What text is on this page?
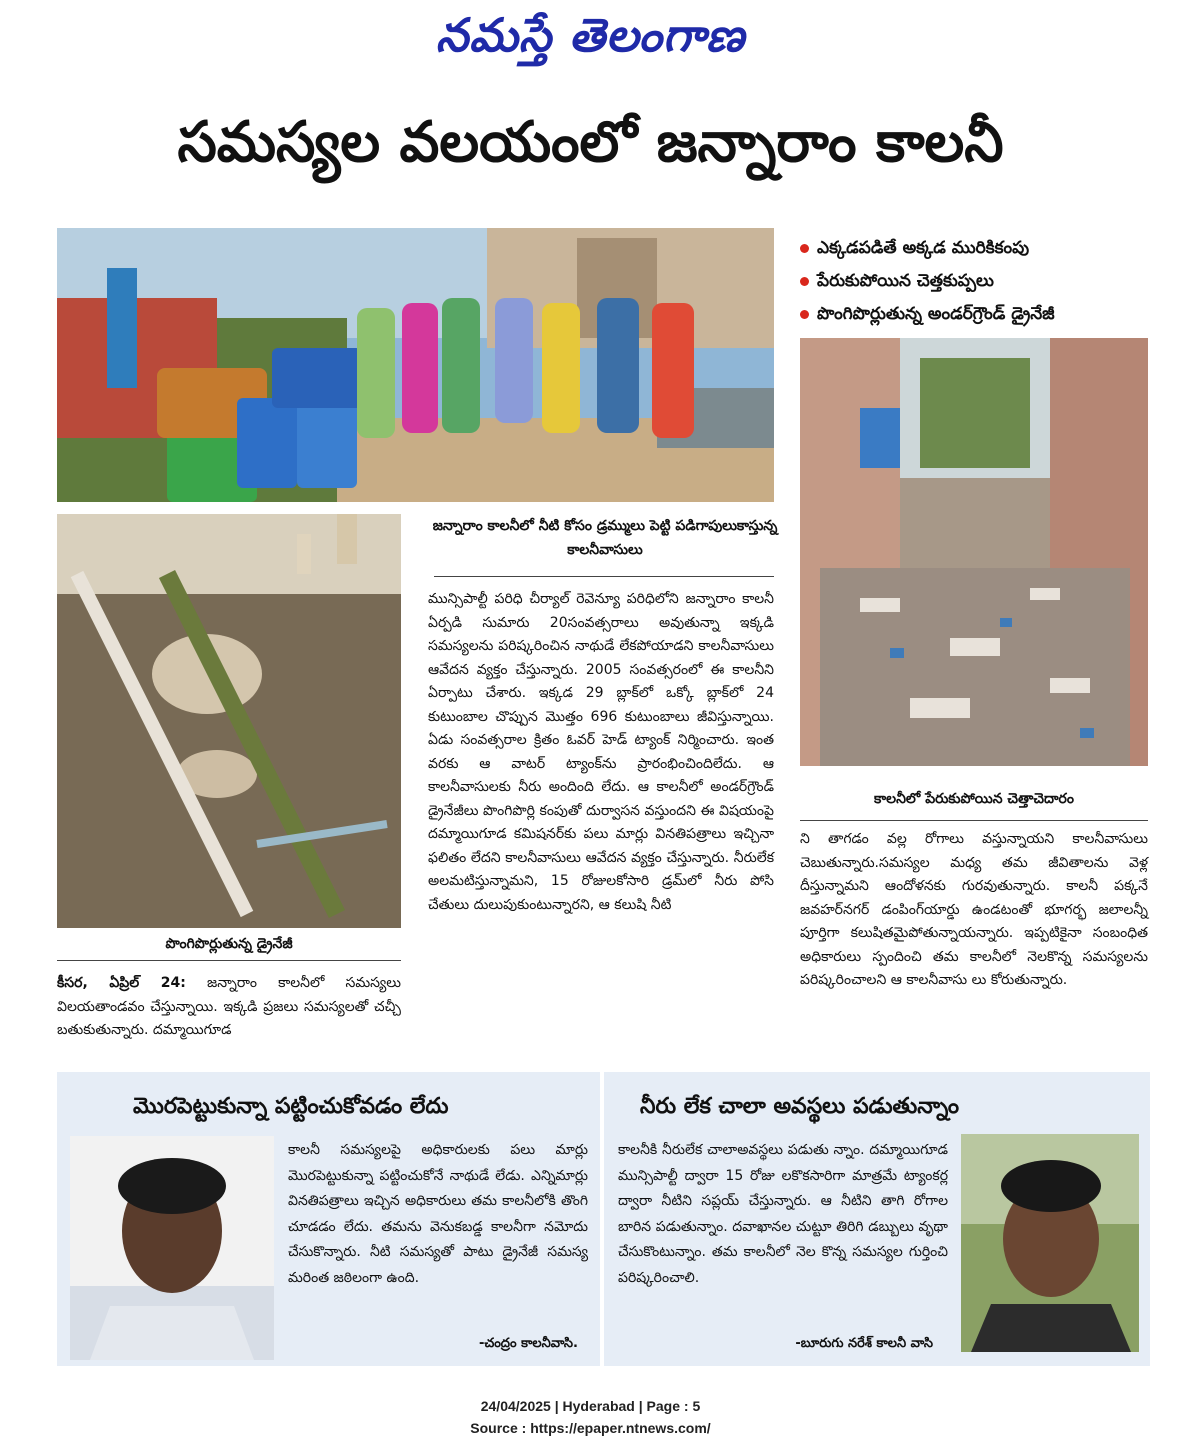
నమస్తే తెలంగాణ
సమస్యల వలయంలో జన్నారాం కాలనీ
ఎక్కడపడితే అక్కడ మురికికంపు
పేరుకుపోయిన చెత్తకుప్పలు
పొంగిపొర్లుతున్న అండర్‌గ్రౌండ్ డ్రైనేజీ
జన్నారాం కాలనీలో నీటి కోసం డ్రమ్ములు పెట్టి పడిగాపులుకాస్తున్న కాలనీవాసులు
పొంగిపొర్లుతున్న డ్రైనేజీ
కాలనీలో పేరుకుపోయిన చెత్తాచెదారం

కీసర, ఏప్రిల్ 24: జన్నారాం కాలనీలో సమస్యలు విలయతాండవం చేస్తున్నాయి. ఇక్కడి ప్రజలు సమస్యలతో చచ్చీ బతుకుతున్నారు. దమ్మాయిగూడ

మున్సిపాల్టీ పరిధి చీర్యాల్ రెవెన్యూ పరిధిలోని జన్నారాం కాలనీ ఏర్పడి సుమారు 20సంవత్సరాలు అవుతున్నా ఇక్కడి సమస్యలను పరిష్కరించిన నాథుడే లేకపోయాడని కాలనీవాసులు ఆవేదన వ్యక్తం చేస్తున్నారు. 2005 సంవత్సరంలో ఈ కాలనీని ఏర్పాటు చేశారు. ఇక్కడ 29 బ్లాక్‌లో ఒక్కో బ్లాక్‌లో 24 కుటుంబాల చొప్పున మొత్తం 696 కుటుంబాలు జీవిస్తున్నాయి. ఏడు సంవత్సరాల క్రితం ఓవర్ హెడ్ ట్యాంక్ నిర్మించారు. ఇంత వరకు ఆ వాటర్ ట్యాంక్‌ను ప్రారంభించిందిలేదు. ఆ కాలనీవాసులకు నీరు అందింది లేదు. ఆ కాలనీలో అండర్‌గ్రౌండ్ డ్రైనేజీలు పొంగిపొర్లి కంపుతో దుర్వాసన వస్తుందని ఈ విషయంపై దమ్మాయిగూడ కమిషనర్‌కు పలు మార్లు వినతిపత్రాలు ఇచ్చినా ఫలితం లేదని కాలనీవాసులు ఆవేదన వ్యక్తం చేస్తున్నారు. నీరులేక అలమటిస్తున్నామని, 15 రోజులకోసారి డ్రమ్‌లో నీరు పోసి చేతులు దులుపుకుంటున్నారని, ఆ కలుషి నీటి

ని తాగడం వల్ల రోగాలు వస్తున్నాయని కాలనీవాసులు చెబుతున్నారు.సమస్యల మధ్య తమ జీవితాలను వెళ్ల దీస్తున్నామని ఆందోళనకు గురవుతున్నారు. కాలనీ పక్కనే జవహర్‌నగర్ డంపింగ్‌యార్డు ఉండటంతో భూగర్భ జలాలన్నీ పూర్తిగా కలుషితమైపోతున్నాయన్నారు. ఇప్పటికైనా సంబంధిత అధికారులు స్పందించి తమ కాలనీలో నెలకొన్న సమస్యలను పరిష్కరించాలని ఆ కాలనీవాసు లు కోరుతున్నారు.

మొరపెట్టుకున్నా పట్టించుకోవడం లేదు	నీరు లేక చాలా అవస్థలు పడుతున్నాం
కాలనీ సమస్యలపై అధికారులకు పలు మార్లు మొరపెట్టుకున్నా పట్టించుకోనే నాథుడే లేడు. ఎన్నిమార్లు వినతిపత్రాలు ఇచ్చిన అధికారులు తమ కాలనీలోకి తొంగి చూడడం లేదు. తమను వెనుకబడ్డ కాలనీగా నమోదు చేసుకొన్నారు. నీటి సమస్యతో పాటు డ్రైనేజీ సమస్య మరింత జఠిలంగా ఉంది.
-చంద్రం కాలనీవాసి.
కాలనీకి నీరులేక చాలాఅవస్థలు పడుతు న్నాం. దమ్మాయిగూడ మున్సిపాల్టీ ద్వారా 15 రోజు లకొకసారిగా మాత్రమే ట్యాంకర్ల ద్వారా నీటిని సప్లయ్ చేస్తున్నారు. ఆ నీటిని తాగి రోగాల బారిన పడుతున్నాం. దవాఖానల చుట్టూ తిరిగి డబ్బులు వృథా చేసుకొంటున్నాం. తమ కాలనీలో నెల కొన్న సమస్యల గుర్తించి పరిష్కరించాలి.
-బూరుగు నరేశ్ కాలనీ వాసి
24/04/2025 | Hyderabad | Page : 5
Source : https://epaper.ntnews.com/
